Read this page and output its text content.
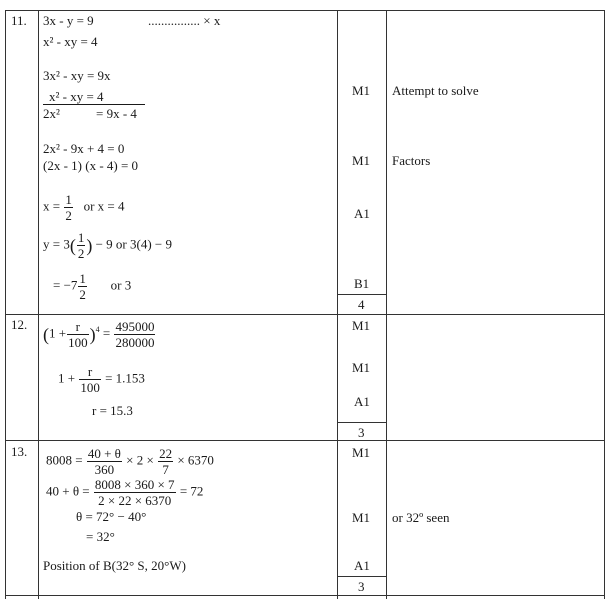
11. 3x - y = 9	................ × x
x² - xy = 4
3x² - xy = 9x
x² - xy = 4
2x²	= 9x - 4
2x² - 9x + 4 = 0
(2x - 1) (x - 4) = 0
$x = \frac{1}{2}$ or x = 4
$y = 3( \frac{1}{2}$ ) − 9 or 3(4) − 9
= $-7 \frac{1}{2}$ or 3
M1
M1
A1
B1
4
Attempt to solve
Factors
12. $(1 + \frac{r}{100} )^4 = \frac{495000}{280000}$
$1 + \frac{r}{100} = 1.153$
r = 15.3
M1
M1
A1
3
13.
$8008 = \frac{40 + \theta}{360} \times 2 \times \frac{22}{7} \times 6370$
$40 + \theta = \frac{8008 \times 360 \times 7}{2 \times 22 \times 6370} = 72$
θ = 72° − 40°
= 32°
Position of B(32° S, 20°W)
M1
M1
A1
3
or 32º seen
